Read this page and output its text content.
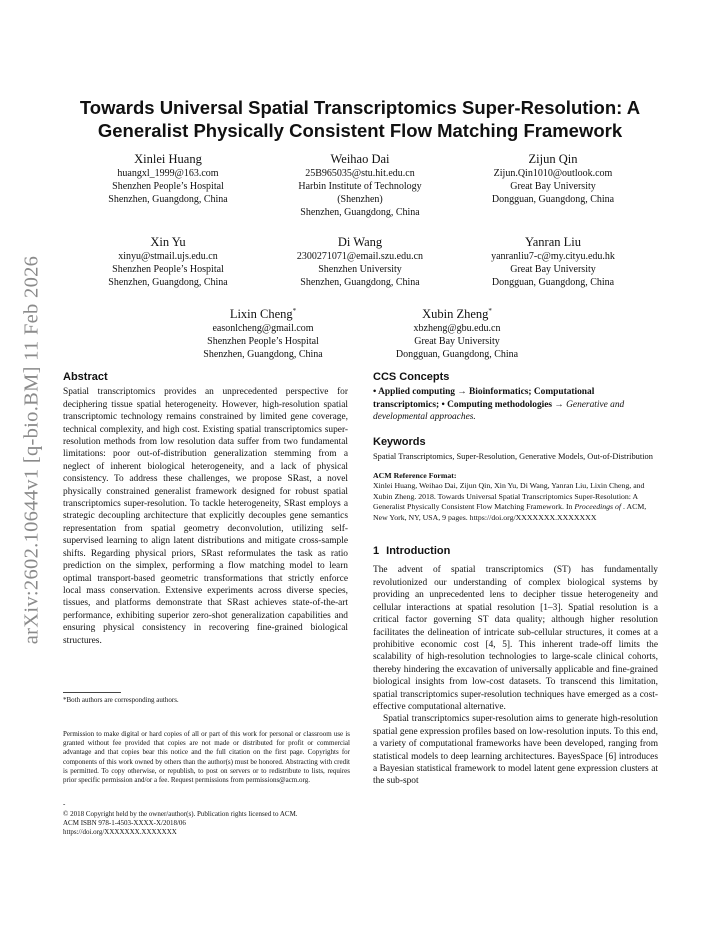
arXiv:2602.10644v1 [q-bio.BM] 11 Feb 2026
Towards Universal Spatial Transcriptomics Super-Resolution: A
Generalist Physically Consistent Flow Matching Framework
Xinlei Huang
huangxl_1999@163.com
Shenzhen People’s Hospital
Shenzhen, Guangdong, China
Weihao Dai
25B965035@stu.hit.edu.cn
Harbin Institute of Technology
(Shenzhen)
Shenzhen, Guangdong, China
Zijun Qin
Zijun.Qin1010@outlook.com
Great Bay University
Dongguan, Guangdong, China
Xin Yu
xinyu@stmail.ujs.edu.cn
Shenzhen People’s Hospital
Shenzhen, Guangdong, China
Di Wang
2300271071@email.szu.edu.cn
Shenzhen University
Shenzhen, Guangdong, China
Yanran Liu
yanranliu7-c@my.cityu.edu.hk
Great Bay University
Dongguan, Guangdong, China
Lixin Cheng*
easonlcheng@gmail.com
Shenzhen People’s Hospital
Shenzhen, Guangdong, China
Xubin Zheng*
xbzheng@gbu.edu.cn
Great Bay University
Dongguan, Guangdong, China
Abstract
Spatial transcriptomics provides an unprecedented perspective for deciphering tissue spatial heterogeneity. However, high-resolution spatial transcriptomic technology remains constrained by limited gene coverage, technical complexity, and high cost. Existing spatial transcriptomics super-resolution methods from low resolution data suffer from two fundamental limitations: poor out-of-distribution generalization stemming from a neglect of inherent biological heterogeneity, and a lack of physical consistency. To address these challenges, we propose SRast, a novel physically constrained generalist framework designed for robust spatial transcriptomics super-resolution. To tackle heterogeneity, SRast employs a strategic decoupling architecture that explicitly decouples gene semantics representation from spatial geometry deconvolution, utilizing self-supervised learning to align latent distributions and mitigate cross-sample shifts. Regarding physical priors, SRast reformulates the task as ratio prediction on the simplex, performing a flow matching model to learn optimal transport-based geometric transformations that strictly enforce local mass conservation. Extensive experiments across diverse species, tissues, and platforms demonstrate that SRast achieves state-of-the-art performance, exhibiting superior zero-shot generalization capabilities and ensuring physical consistency in recovering fine-grained biological structures.
*Both authors are corresponding authors.
Permission to make digital or hard copies of all or part of this work for personal or classroom use is granted without fee provided that copies are not made or distributed for profit or commercial advantage and that copies bear this notice and the full citation on the first page. Copyrights for components of this work owned by others than the author(s) must be honored. Abstracting with credit is permitted. To copy otherwise, or republish, to post on servers or to redistribute to lists, requires prior specific permission and/or a fee. Request permissions from permissions@acm.org.
-
© 2018 Copyright held by the owner/author(s). Publication rights licensed to ACM.
ACM ISBN 978-1-4503-XXXX-X/2018/06
https://doi.org/XXXXXXX.XXXXXXX
CCS Concepts
• Applied computing → Bioinformatics; Computational transcriptomics; • Computing methodologies → Generative and developmental approaches.
Keywords
Spatial Transcriptomics, Super-Resolution, Generative Models, Out-of-Distribution
ACM Reference Format:
Xinlei Huang, Weihao Dai, Zijun Qin, Xin Yu, Di Wang, Yanran Liu, Lixin Cheng, and Xubin Zheng. 2018. Towards Universal Spatial Transcriptomics Super-Resolution: A Generalist Physically Consistent Flow Matching Framework. In Proceedings of . ACM, New York, NY, USA, 9 pages. https://doi.org/XXXXXXX.XXXXXXX
1 Introduction
The advent of spatial transcriptomics (ST) has fundamentally revolutionized our understanding of complex biological systems by providing an unprecedented lens to decipher tissue heterogeneity and cellular interactions at spatial resolution [1–3]. Spatial resolution is a critical factor governing ST data quality; although higher resolution facilitates the delineation of intricate sub-cellular structures, it comes at a prohibitive economic cost [4, 5]. This inherent trade-off limits the scalability of high-resolution technologies to large-scale clinical cohorts, thereby hindering the excavation of universally applicable and fine-grained biological insights from low-cost datasets. To transcend this limitation, spatial transcriptomics super-resolution techniques have emerged as a cost-effective computational alternative.
Spatial transcriptomics super-resolution aims to generate high-resolution spatial gene expression profiles based on low-resolution inputs. To this end, a variety of computational frameworks have been developed, ranging from statistical models to deep learning architectures. BayesSpace [6] introduces a Bayesian statistical framework to model latent gene expression clusters at the sub-spot
